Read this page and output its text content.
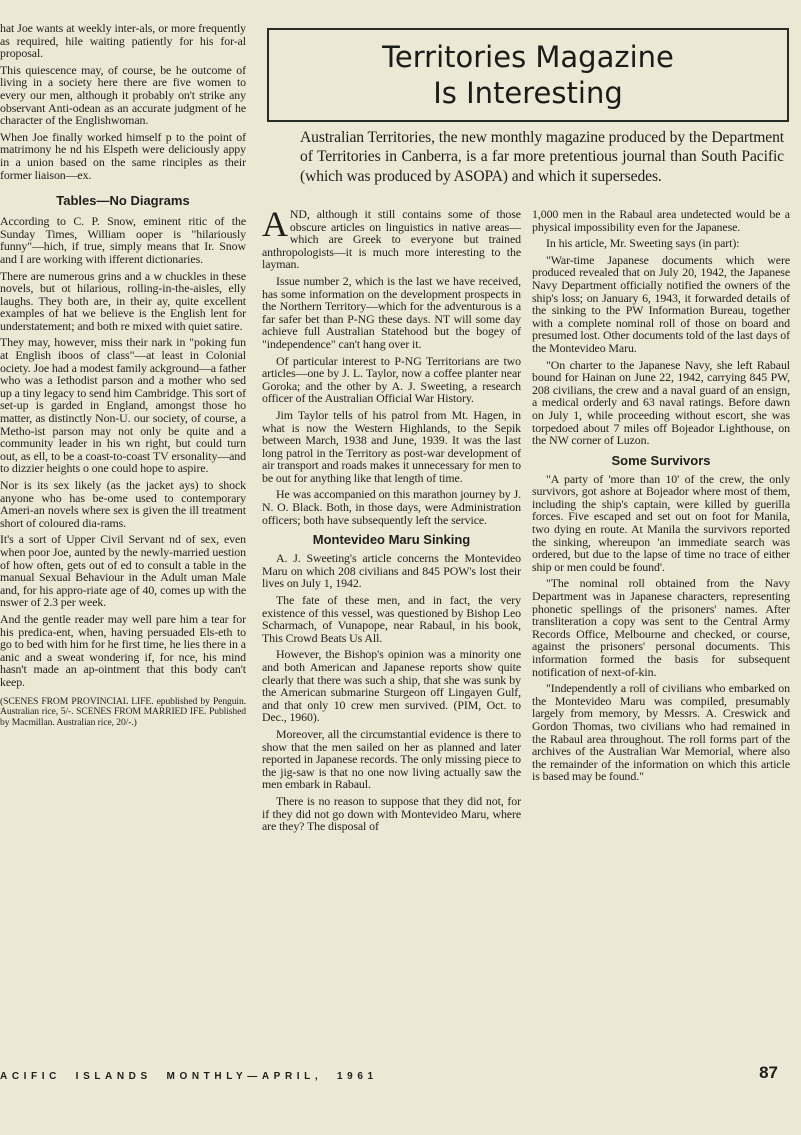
hat Joe wants at weekly inter-als, or more frequently as required, hile waiting patiently for his for-al proposal.

This quiescence may, of course, be he outcome of living in a society here there are five women to every our men, although it probably on't strike any observant Anti-odean as an accurate judgment of he character of the Englishwoman.

When Joe finally worked himself p to the point of matrimony he nd his Elspeth were deliciously appy in a union based on the same rinciples as their former liaison—ex.

Tables—No Diagrams

According to C. P. Snow, eminent ritic of the Sunday Times, William ooper is "hilariously funny"—hich, if true, simply means that Ir. Snow and I are working with ifferent dictionaries.

There are numerous grins and a w chuckles in these novels, but ot hilarious, rolling-in-the-aisles, elly laughs. They both are, in their ay, quite excellent examples of hat we believe is the English lent for understatement; and both re mixed with quiet satire.

They may, however, miss their nark in "poking fun at English iboos of class"—at least in Colonial ociety. Joe had a modest family ackground—a father who was a Iethodist parson and a mother who sed up a tiny legacy to send him Cambridge. This sort of set-up is garded in England, amongst those ho matter, as distinctly Non-U. our society, of course, a Metho-ist parson may not only be quite and a community leader in his wn right, but could turn out, as ell, to be a coast-to-coast TV ersonality—and to dizzier heights o one could hope to aspire.

Nor is its sex likely (as the jacket ays) to shock anyone who has be-ome used to contemporary Ameri-an novels where sex is given the ill treatment short of coloured dia-rams.

It's a sort of Upper Civil Servant nd of sex, even when poor Joe, aunted by the newly-married uestion of how often, gets out of ed to consult a table in the manual Sexual Behaviour in the Adult uman Male and, for his appro-riate age of 40, comes up with the nswer of 2.3 per week.

And the gentle reader may well pare him a tear for his predica-ent, when, having persuaded Els-eth to go to bed with him for he first time, he lies there in a anic and a sweat wondering if, for nce, his mind hasn't made an ap-ointment that this body can't keep.

(SCENES FROM PROVINCIAL LIFE. epublished by Penguin. Australian rice, 5/-. SCENES FROM MARRIED IFE. Published by Macmillan. Australian rice, 20/-.)

Territories Magazine
Is Interesting

Australian Territories, the new monthly magazine produced by the Department of Territories in Canberra, is a far more pretentious journal than South Pacific (which was produced by ASOPA) and which it supersedes.

AND, although it still contains some of those obscure articles on linguistics in native areas—which are Greek to everyone but trained anthropologists—it is much more interesting to the layman.

Issue number 2, which is the last we have received, has some information on the development prospects in the Northern Territory—which for the adventurous is a far safer bet than P-NG these days. NT will some day achieve full Australian Statehood but the bogey of "independence" can't hang over it.

Of particular interest to P-NG Territorians are two articles—one by J. L. Taylor, now a coffee planter near Goroka; and the other by A. J. Sweeting, a research officer of the Australian Official War History.

Jim Taylor tells of his patrol from Mt. Hagen, in what is now the Western Highlands, to the Sepik between March, 1938 and June, 1939. It was the last long patrol in the Territory as post-war development of air transport and roads makes it unnecessary for men to be out for anything like that length of time.

He was accompanied on this marathon journey by J. N. O. Black. Both, in those days, were Administration officers; both have subsequently left the service.

Montevideo Maru Sinking

A. J. Sweeting's article concerns the Montevideo Maru on which 208 civilians and 845 POW's lost their lives on July 1, 1942.

The fate of these men, and in fact, the very existence of this vessel, was questioned by Bishop Leo Scharmach, of Vunapope, near Rabaul, in his book, This Crowd Beats Us All.

However, the Bishop's opinion was a minority one and both American and Japanese reports show quite clearly that there was such a ship, that she was sunk by the American submarine Sturgeon off Lingayen Gulf, and that only 10 crew men survived. (PIM, Oct. to Dec., 1960).

Moreover, all the circumstantial evidence is there to show that the men sailed on her as planned and later reported in Japanese records. The only missing piece to the jig-saw is that no one now living actually saw the men embark in Rabaul.

There is no reason to suppose that they did not, for if they did not go down with Montevideo Maru, where are they? The disposal of

1,000 men in the Rabaul area undetected would be a physical impossibility even for the Japanese.

In his article, Mr. Sweeting says (in part):

"War-time Japanese documents which were produced revealed that on July 20, 1942, the Japanese Navy Department officially notified the owners of the ship's loss; on January 6, 1943, it forwarded details of the sinking to the PW Information Bureau, together with a complete nominal roll of those on board and presumed lost. Other documents told of the last days of the Montevideo Maru.

"On charter to the Japanese Navy, she left Rabaul bound for Hainan on June 22, 1942, carrying 845 PW, 208 civilians, the crew and a naval guard of an ensign, a medical orderly and 63 naval ratings. Before dawn on July 1, while proceeding without escort, she was torpedoed about 7 miles off Bojeador Lighthouse, on the NW corner of Luzon.

Some Survivors

"A party of 'more than 10' of the crew, the only survivors, got ashore at Bojeador where most of them, including the ship's captain, were killed by guerilla forces. Five escaped and set out on foot for Manila, two dying en route. At Manila the survivors reported the sinking, whereupon 'an immediate search was ordered, but due to the lapse of time no trace of either ship or men could be found'.

"The nominal roll obtained from the Navy Department was in Japanese characters, representing phonetic spellings of the prisoners' names. After transliteration a copy was sent to the Central Army Records Office, Melbourne and checked, or course, against the prisoners' personal documents. This information formed the basis for subsequent notification of next-of-kin.

"Independently a roll of civilians who embarked on the Montevideo Maru was compiled, presumably largely from memory, by Messrs. A. Creswick and Gordon Thomas, two civilians who had remained in the Rabaul area throughout. The roll forms part of the archives of the Australian War Memorial, where also the remainder of the information on which this article is based may be found."

ACIFIC  ISLANDS  MONTHLY—APRIL,  1961	87
